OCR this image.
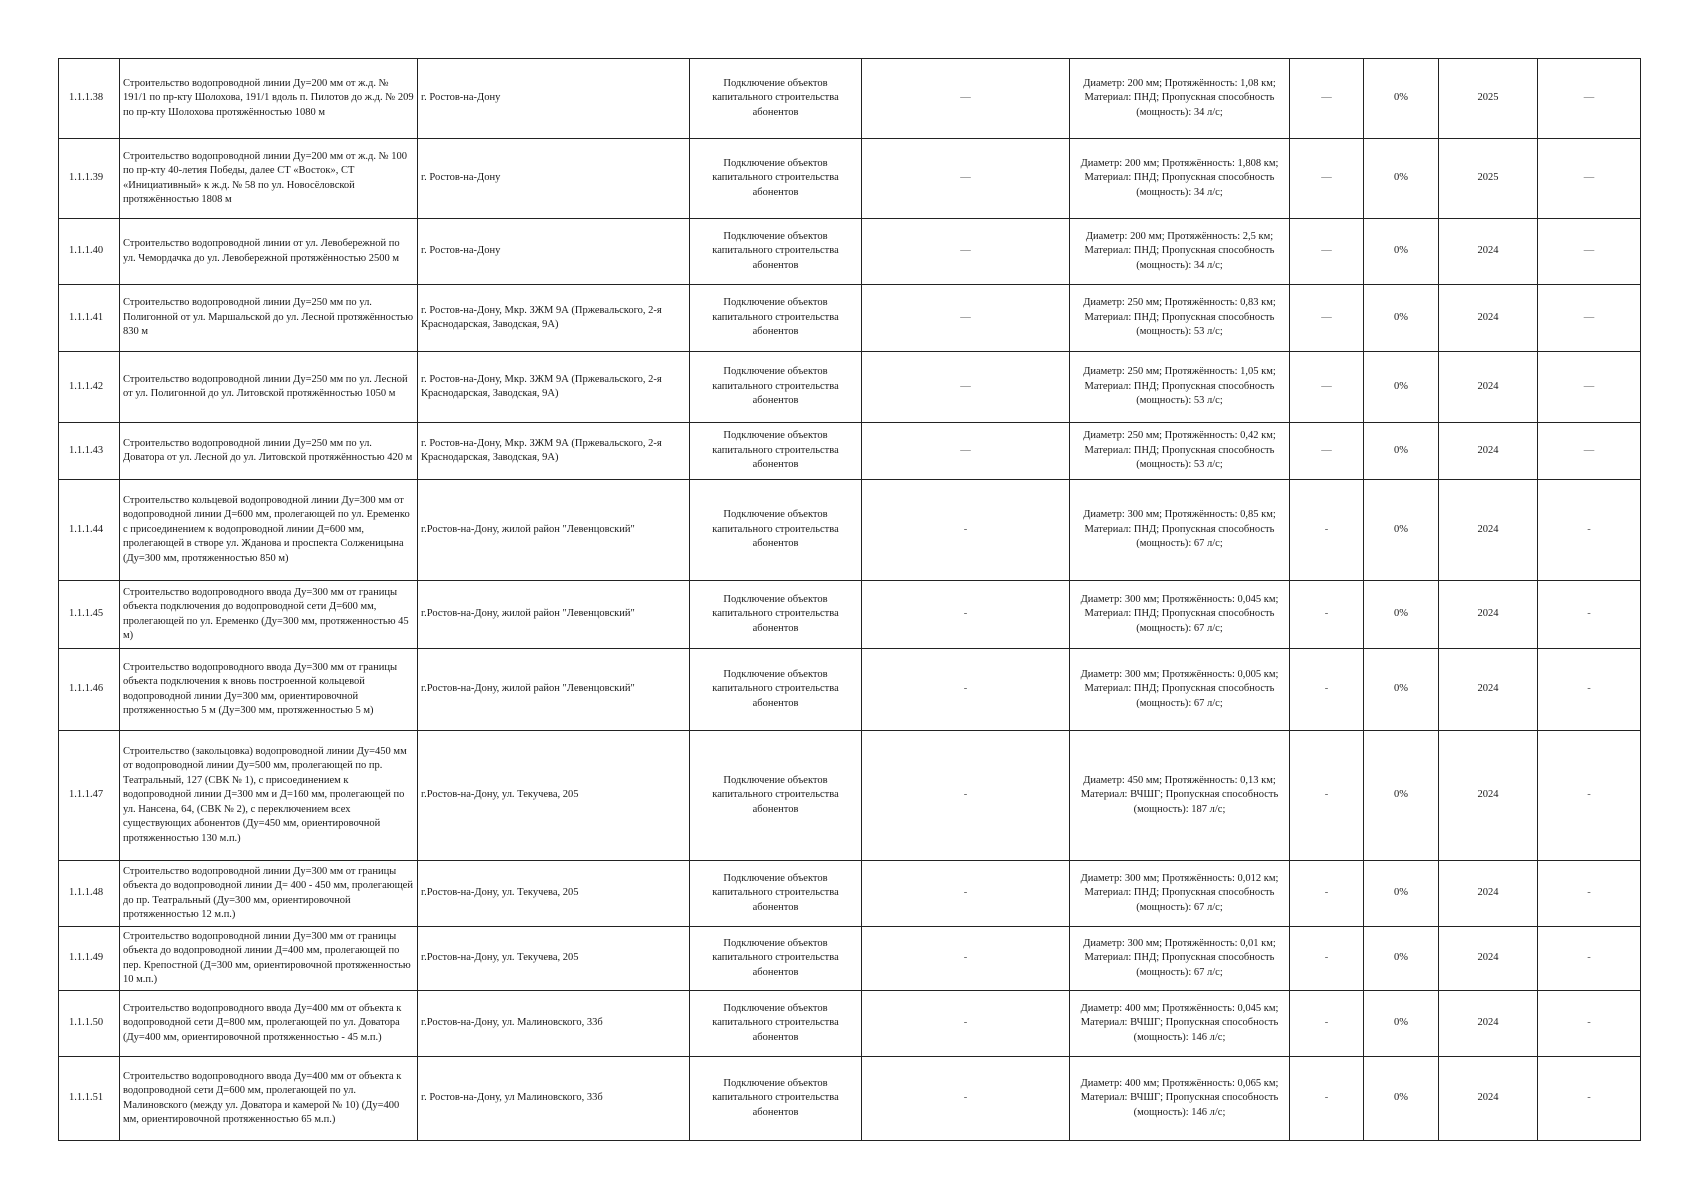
1.1.1.38	Строительство водопроводной линии Ду=200 мм от ж.д. № 191/1 по пр-кту Шолохова, 191/1 вдоль п. Пилотов до ж.д. № 209 по пр-кту Шолохова протяжённостью 1080 м	г. Ростов-на-Дону	Подключение объектов капитального строительства абонентов	—	Диаметр: 200 мм; Протяжённость: 1,08 км; Материал: ПНД; Пропускная способность (мощность): 34 л/с;	—	0%	2025	—
1.1.1.39	Строительство водопроводной линии Ду=200 мм от ж.д. № 100 по пр-кту 40-летия Победы, далее СТ «Восток», СТ «Инициативный» к ж.д. № 58 по ул. Новосёловской протяжённостью 1808 м	г. Ростов-на-Дону	Подключение объектов капитального строительства абонентов	—	Диаметр: 200 мм; Протяжённость: 1,808 км; Материал: ПНД; Пропускная способность (мощность): 34 л/с;	—	0%	2025	—
1.1.1.40	Строительство водопроводной линии от ул. Левобережной по ул. Чемордачка до ул. Левобережной протяжённостью 2500 м	г. Ростов-на-Дону	Подключение объектов капитального строительства абонентов	—	Диаметр: 200 мм; Протяжённость: 2,5 км; Материал: ПНД; Пропускная способность (мощность): 34 л/с;	—	0%	2024	—
1.1.1.41	Строительство водопроводной линии Ду=250 мм по ул. Полигонной от ул. Маршальской до ул. Лесной протяжённостью 830 м	г. Ростов-на-Дону, Мкр. ЗЖМ 9А (Пржевальского, 2-я Краснодарская, Заводская, 9А)	Подключение объектов капитального строительства абонентов	—	Диаметр: 250 мм; Протяжённость: 0,83 км; Материал: ПНД; Пропускная способность (мощность): 53 л/с;	—	0%	2024	—
1.1.1.42	Строительство водопроводной линии Ду=250 мм по ул. Лесной от ул. Полигонной до ул. Литовской протяжённостью 1050 м	г. Ростов-на-Дону, Мкр. ЗЖМ 9А (Пржевальского, 2-я Краснодарская, Заводская, 9А)	Подключение объектов капитального строительства абонентов	—	Диаметр: 250 мм; Протяжённость: 1,05 км; Материал: ПНД; Пропускная способность (мощность): 53 л/с;	—	0%	2024	—
1.1.1.43	Строительство водопроводной линии Ду=250 мм по ул. Доватора от ул. Лесной до ул. Литовской протяжённостью 420 м	г. Ростов-на-Дону, Мкр. ЗЖМ 9А (Пржевальского, 2-я Краснодарская, Заводская, 9А)	Подключение объектов капитального строительства абонентов	—	Диаметр: 250 мм; Протяжённость: 0,42 км; Материал: ПНД; Пропускная способность (мощность): 53 л/с;	—	0%	2024	—
1.1.1.44	Строительство кольцевой водопроводной линии Ду=300 мм от водопроводной линии Д=600 мм, пролегающей по ул. Еременко с присоединением к водопроводной линии Д=600 мм, пролегающей в створе ул. Жданова и проспекта Солженицына (Ду=300 мм, протяженностью 850 м)	г.Ростов-на-Дону, жилой район "Левенцовский"	Подключение объектов капитального строительства абонентов	-	Диаметр: 300 мм; Протяжённость: 0,85 км; Материал: ПНД; Пропускная способность (мощность): 67 л/с;	-	0%	2024	-
1.1.1.45	Строительство водопроводного ввода Ду=300 мм от границы объекта подключения до водопроводной сети Д=600 мм, пролегающей по ул. Еременко (Ду=300 мм, протяженностью 45 м)	г.Ростов-на-Дону, жилой район "Левенцовский"	Подключение объектов капитального строительства абонентов	-	Диаметр: 300 мм; Протяжённость: 0,045 км; Материал: ПНД; Пропускная способность (мощность): 67 л/с;	-	0%	2024	-
1.1.1.46	Строительство водопроводного ввода Ду=300 мм от границы объекта подключения к вновь построенной кольцевой водопроводной линии Ду=300 мм, ориентировочной протяженностью 5 м (Ду=300 мм, протяженностью 5 м)	г.Ростов-на-Дону, жилой район "Левенцовский"	Подключение объектов капитального строительства абонентов	-	Диаметр: 300 мм; Протяжённость: 0,005 км; Материал: ПНД; Пропускная способность (мощность): 67 л/с;	-	0%	2024	-
1.1.1.47	Строительство (закольцовка) водопроводной линии Ду=450 мм от водопроводной линии Ду=500 мм, пролегающей по пр. Театральный, 127 (СВК № 1), с присоединением к водопроводной линии Д=300 мм и Д=160 мм, пролегающей по ул. Нансена, 64, (СВК № 2), с переключением всех существующих абонентов (Ду=450 мм, ориентировочной протяженностью 130 м.п.)	г.Ростов-на-Дону, ул. Текучева, 205	Подключение объектов капитального строительства абонентов	-	Диаметр: 450 мм; Протяжённость: 0,13 км; Материал: ВЧШГ; Пропускная способность (мощность): 187 л/с;	-	0%	2024	-
1.1.1.48	Строительство водопроводной линии Ду=300 мм от границы объекта до водопроводной линии Д= 400 - 450 мм, пролегающей до пр. Театральный (Ду=300 мм, ориентировочной протяженностью 12 м.п.)	г.Ростов-на-Дону, ул. Текучева, 205	Подключение объектов капитального строительства абонентов	-	Диаметр: 300 мм; Протяжённость: 0,012 км; Материал: ПНД; Пропускная способность (мощность): 67 л/с;	-	0%	2024	-
1.1.1.49	Строительство водопроводной линии Ду=300 мм от границы объекта до водопроводной линии Д=400 мм, пролегающей по пер. Крепостной (Д=300 мм, ориентировочной протяженностью 10 м.п.)	г.Ростов-на-Дону, ул. Текучева, 205	Подключение объектов капитального строительства абонентов	-	Диаметр: 300 мм; Протяжённость: 0,01 км; Материал: ПНД; Пропускная способность (мощность): 67 л/с;	-	0%	2024	-
1.1.1.50	Строительство водопроводного ввода Ду=400 мм от объекта к водопроводной сети Д=800 мм, пролегающей по ул. Доватора (Ду=400 мм, ориентировочной протяженностью - 45 м.п.)	г.Ростов-на-Дону, ул. Малиновского, 33б	Подключение объектов капитального строительства абонентов	-	Диаметр: 400 мм; Протяжённость: 0,045 км; Материал: ВЧШГ; Пропускная способность (мощность): 146 л/с;	-	0%	2024	-
1.1.1.51	Строительство водопроводного ввода Ду=400 мм от объекта к водопроводной сети Д=600 мм, пролегающей по ул. Малиновского (между ул. Доватора и камерой № 10) (Ду=400 мм, ориентировочной протяженностью 65 м.п.)	г. Ростов-на-Дону, ул Малиновского, 33б	Подключение объектов капитального строительства абонентов	-	Диаметр: 400 мм; Протяжённость: 0,065 км; Материал: ВЧШГ; Пропускная способность (мощность): 146 л/с;	-	0%	2024	-
